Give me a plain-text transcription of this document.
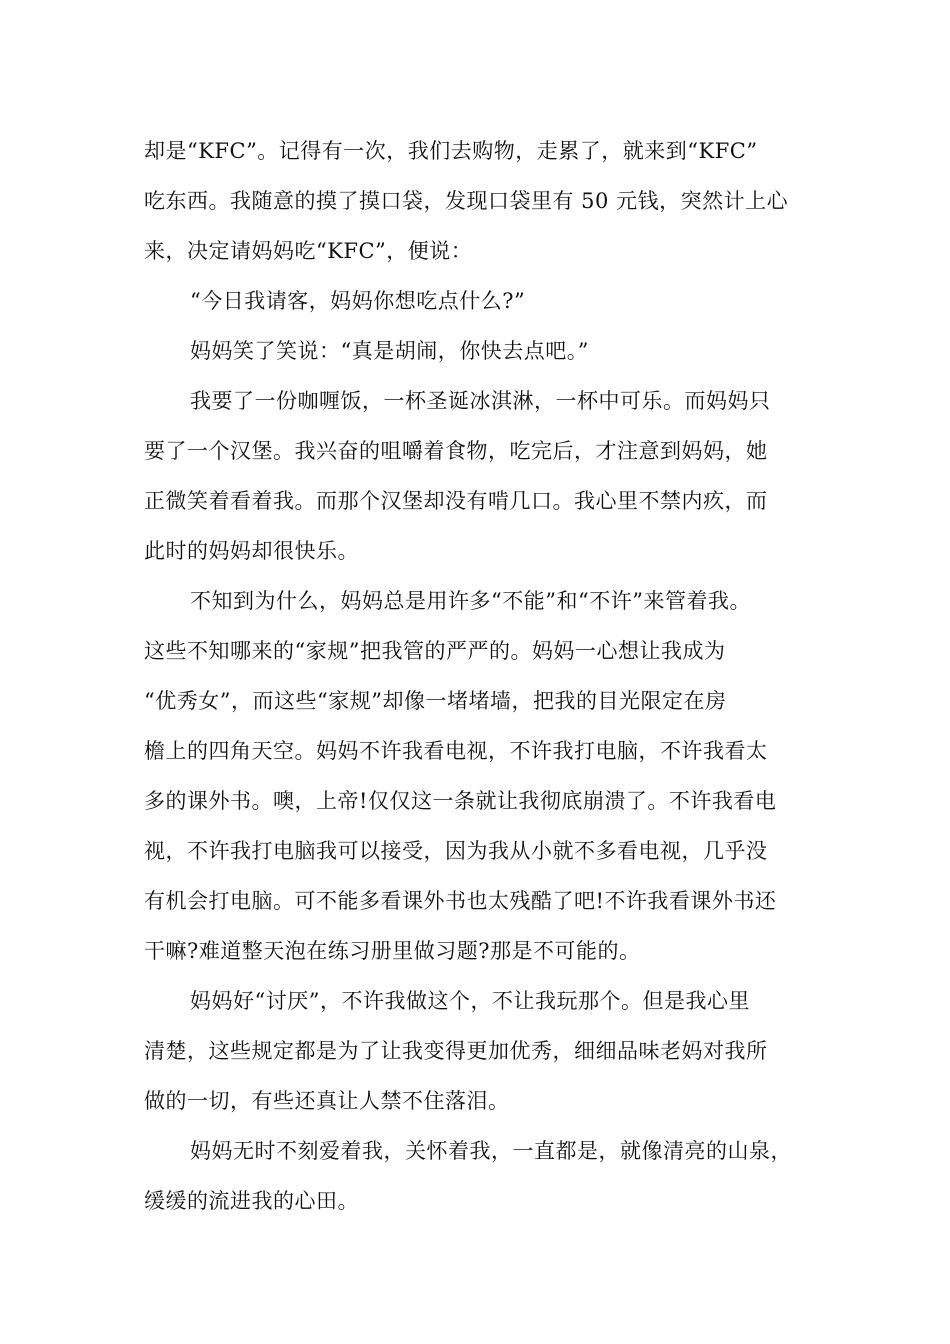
却是“KFC”。记得有一次，我们去购物，走累了，就来到“KFC”
吃东西。我随意的摸了摸口袋，发现口袋里有 50 元钱，突然计上心
来，决定请妈妈吃“KFC”，便说：
“今日我请客，妈妈你想吃点什么?”
妈妈笑了笑说：“真是胡闹，你快去点吧。”
我要了一份咖喱饭，一杯圣诞冰淇淋，一杯中可乐。而妈妈只
要了一个汉堡。我兴奋的咀嚼着食物，吃完后，才注意到妈妈，她
正微笑着看着我。而那个汉堡却没有啃几口。我心里不禁内疚，而
此时的妈妈却很快乐。
不知到为什么，妈妈总是用许多“不能”和“不许”来管着我。
这些不知哪来的“家规”把我管的严严的。妈妈一心想让我成为
“优秀女”，而这些“家规”却像一堵堵墙，把我的目光限定在房
檐上的四角天空。妈妈不许我看电视，不许我打电脑，不许我看太
多的课外书。噢，上帝!仅仅这一条就让我彻底崩溃了。不许我看电
视，不许我打电脑我可以接受，因为我从小就不多看电视，几乎没
有机会打电脑。可不能多看课外书也太残酷了吧!不许我看课外书还
干嘛?难道整天泡在练习册里做习题?那是不可能的。
妈妈好“讨厌”，不许我做这个，不让我玩那个。但是我心里
清楚，这些规定都是为了让我变得更加优秀，细细品味老妈对我所
做的一切，有些还真让人禁不住落泪。
妈妈无时不刻爱着我，关怀着我，一直都是，就像清亮的山泉，
缓缓的流进我的心田。
